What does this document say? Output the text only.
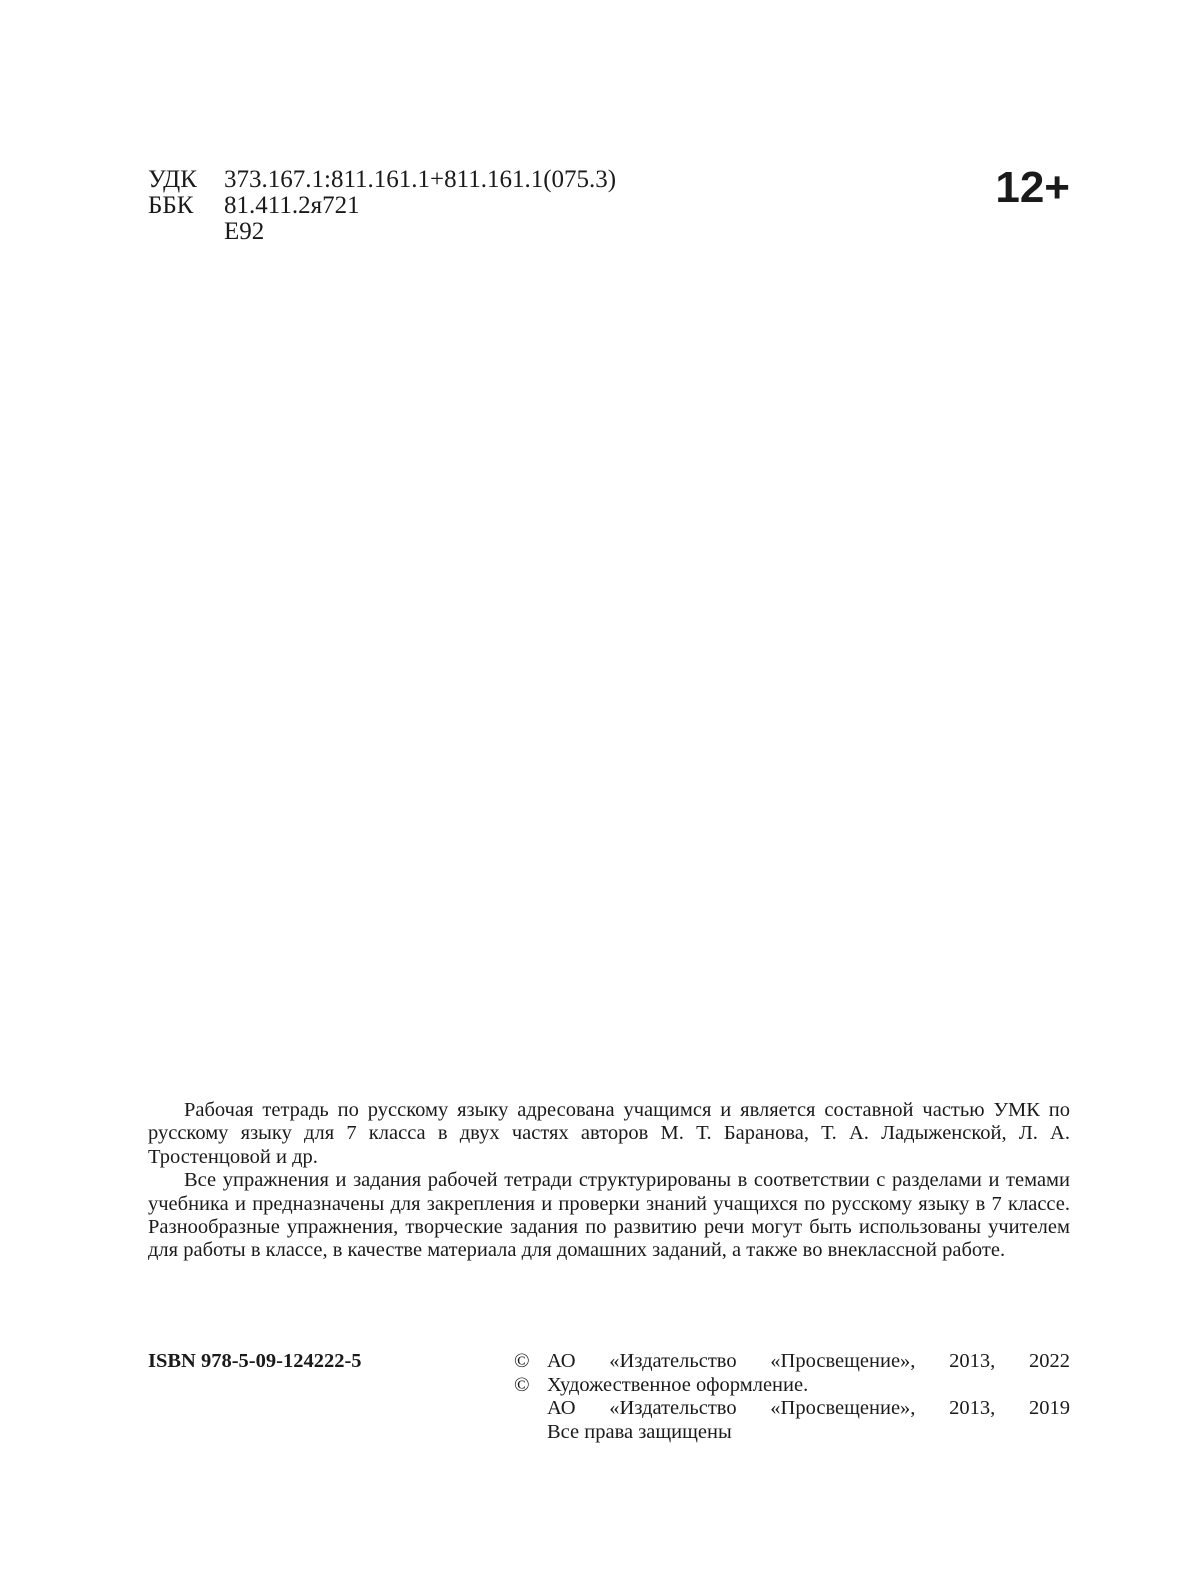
УДК	373.167.1:811.161.1+811.161.1(075.3)
ББК	81.411.2я721
Е92
12+

Рабочая тетрадь по русскому языку адресована учащимся и является составной частью УМК по русскому языку для 7 класса в двух частях авторов М. Т. Баранова, Т. А. Ладыженской, Л. А. Тростенцовой и др.

Все упражнения и задания рабочей тетради структурированы в соответствии с разделами и темами учебника и предназначены для закрепления и проверки знаний учащихся по русскому языку в 7 классе. Разнообразные упражнения, творческие задания по развитию речи могут быть использованы учителем для работы в классе, в качестве материала для домашних заданий, а также во внеклассной работе.

ISBN 978-5-09-124222-5	© АО «Издательство «Просвещение», 2013, 2022
© Художественное оформление.
АО «Издательство «Просвещение», 2013, 2019
Все права защищены
